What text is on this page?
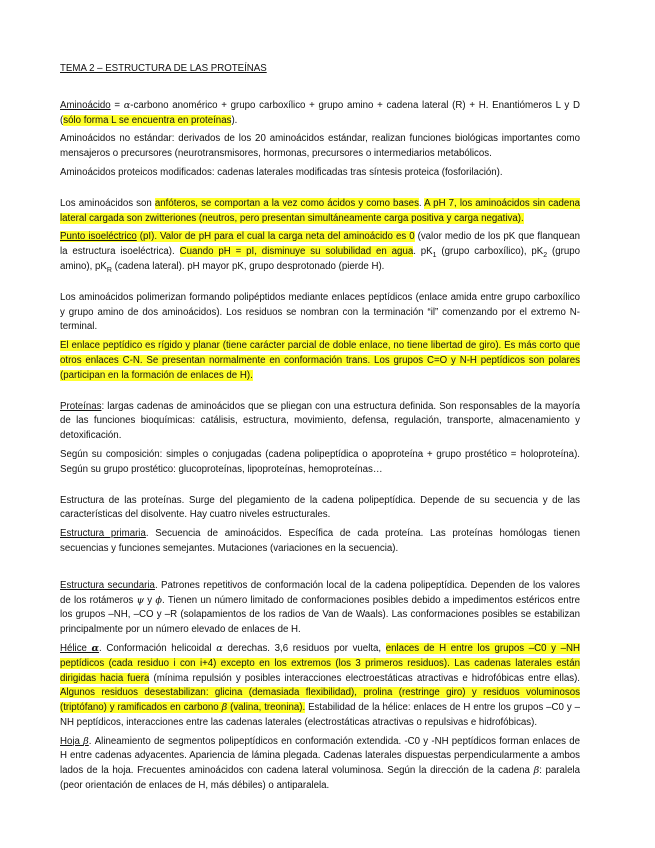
TEMA 2 – ESTRUCTURA DE LAS PROTEÍNAS

Aminoácido = α-carbono anomérico + grupo carboxílico + grupo amino + cadena lateral (R) + H. Enantiómeros L y D (sólo forma L se encuentra en proteínas).

Aminoácidos no estándar: derivados de los 20 aminoácidos estándar, realizan funciones biológicas importantes como mensajeros o precursores (neurotransmisores, hormonas, precursores o intermediarios metabólicos.

Aminoácidos proteicos modificados: cadenas laterales modificadas tras síntesis proteica (fosforilación).

Los aminoácidos son anfóteros, se comportan a la vez como ácidos y como bases. A pH 7, los aminoácidos sin cadena lateral cargada son zwitteriones (neutros, pero presentan simultáneamente carga positiva y carga negativa).

Punto isoeléctrico (pI). Valor de pH para el cual la carga neta del aminoácido es 0 (valor medio de los pK que flanquean la estructura isoeléctrica). Cuando pH = pI, disminuye su solubilidad en agua. $pK_1$ (grupo carboxílico), $pK_2$ (grupo amino), $pK_R$ (cadena lateral). pH mayor pK, grupo desprotonado (pierde H).

Los aminoácidos polimerizan formando polipéptidos mediante enlaces peptídicos (enlace amida entre grupo carboxílico y grupo amino de dos aminoácidos). Los residuos se nombran con la terminación “il” comenzando por el extremo N-terminal.

El enlace peptídico es rígido y planar (tiene carácter parcial de doble enlace, no tiene libertad de giro). Es más corto que otros enlaces C-N. Se presentan normalmente en conformación trans. Los grupos C=O y N-H peptídicos son polares (participan en la formación de enlaces de H).

Proteínas: largas cadenas de aminoácidos que se pliegan con una estructura definida. Son responsables de la mayoría de las funciones bioquímicas: catálisis, estructura, movimiento, defensa, regulación, transporte, almacenamiento y detoxificación.

Según su composición: simples o conjugadas (cadena polipeptídica o apoproteína + grupo prostético = holoproteína). Según su grupo prostético: glucoproteínas, lipoproteínas, hemoproteínas…

Estructura de las proteínas. Surge del plegamiento de la cadena polipeptídica. Depende de su secuencia y de las características del disolvente. Hay cuatro niveles estructurales.

Estructura primaria. Secuencia de aminoácidos. Específica de cada proteína. Las proteínas homólogas tienen secuencias y funciones semejantes. Mutaciones (variaciones en la secuencia).

Estructura secundaria. Patrones repetitivos de conformación local de la cadena polipeptídica. Dependen de los valores de los rotámeros ψ y ϕ. Tienen un número limitado de conformaciones posibles debido a impedimentos estéricos entre los grupos –NH, –CO y –R (solapamientos de los radios de Van de Waals). Las conformaciones posibles se estabilizan principalmente por un número elevado de enlaces de H.

Hélice α. Conformación helicoidal α derechas. 3,6 residuos por vuelta, enlaces de H entre los grupos –C0 y –NH peptídicos (cada residuo i con i+4) excepto en los extremos (los 3 primeros residuos). Las cadenas laterales están dirigidas hacia fuera (mínima repulsión y posibles interacciones electroestáticas atractivas e hidrofóbicas entre ellas). Algunos residuos desestabilizan: glicina (demasiada flexibilidad), prolina (restringe giro) y residuos voluminosos (triptófano) y ramificados en carbono β (valina, treonina). Estabilidad de la hélice: enlaces de H entre los grupos –C0 y –NH peptídicos, interacciones entre las cadenas laterales (electrostáticas atractivas o repulsivas e hidrofóbicas).

Hoja β. Alineamiento de segmentos polipeptídicos en conformación extendida. -C0 y -NH peptídicos forman enlaces de H entre cadenas adyacentes. Apariencia de lámina plegada. Cadenas laterales dispuestas perpendicularmente a ambos lados de la hoja. Frecuentes aminoácidos con cadena lateral voluminosa. Según la dirección de la cadena β: paralela (peor orientación de enlaces de H, más débiles) o antiparalela.
